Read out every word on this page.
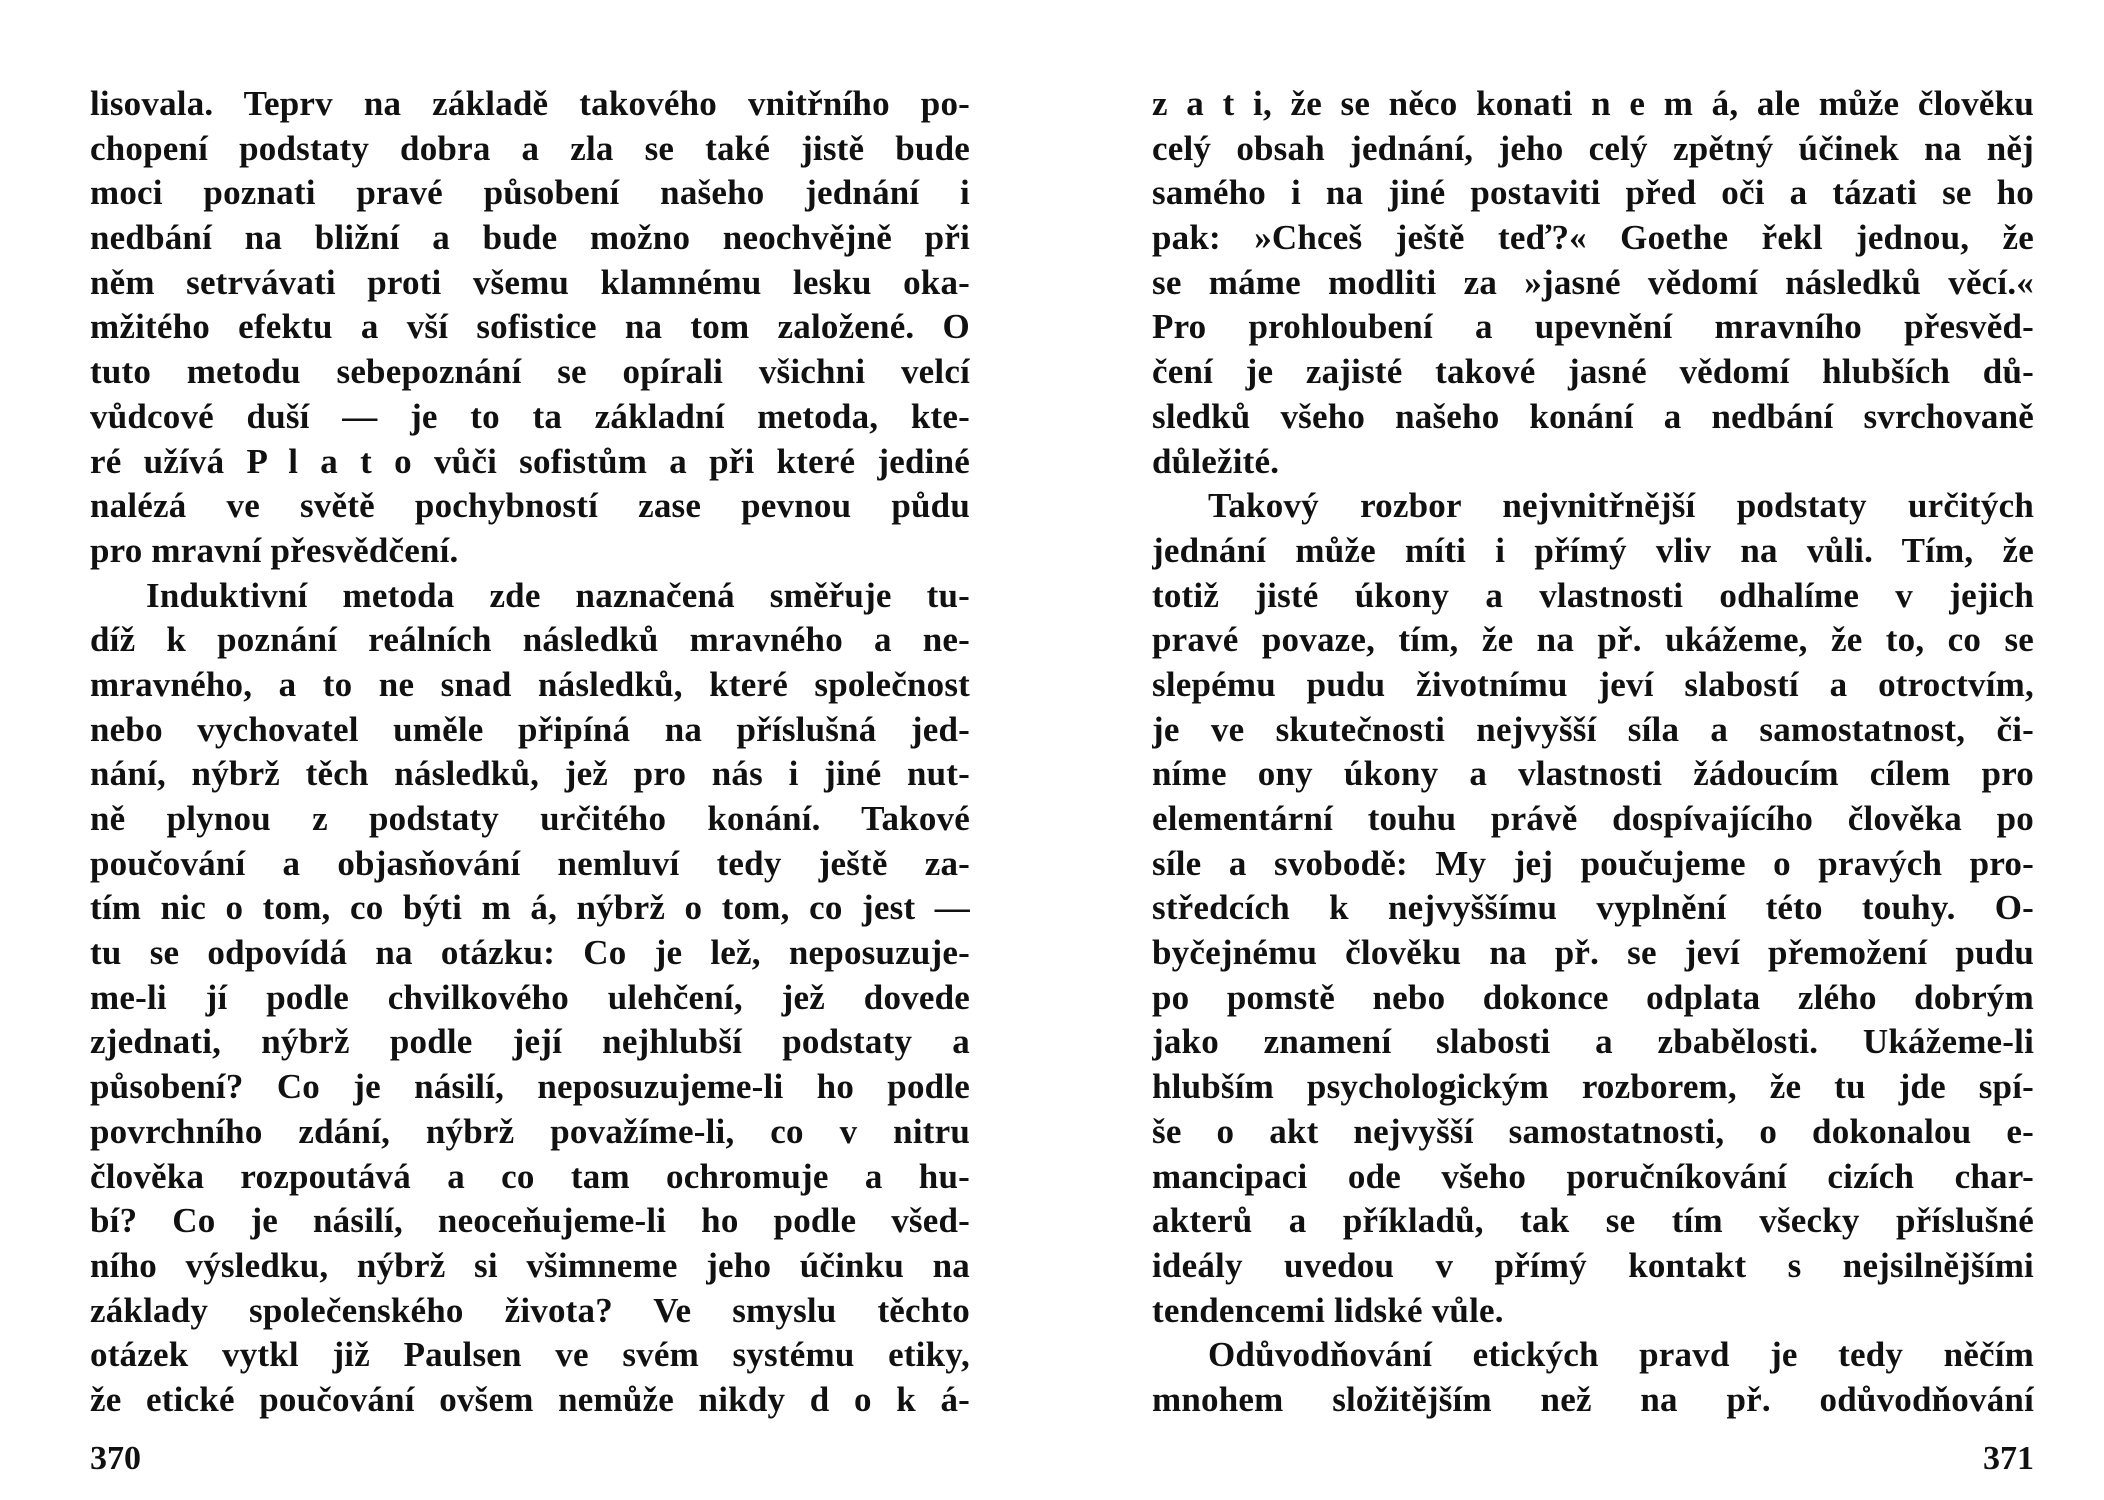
lisovala. Teprv na základě takového vnitřního po-
chopení podstaty dobra a zla se také jistě bude
moci poznati pravé působení našeho jednání i
nedbání na bližní a bude možno neochvějně při
něm setrvávati proti všemu klamnému lesku oka-
mžitého efektu a vší sofistice na tom založené. O
tuto metodu sebepoznání se opírali všichni velcí
vůdcové duší — je to ta základní metoda, kte-
ré užívá P l a t o vůči sofistům a při které jediné
nalézá ve světě pochybností zase pevnou půdu
pro mravní přesvědčení.
Induktivní metoda zde naznačená směřuje tu-
díž k poznání reálních následků mravného a ne-
mravného, a to ne snad následků, které společnost
nebo vychovatel uměle připíná na příslušná jed-
nání, nýbrž těch následků, jež pro nás i jiné nut-
ně plynou z podstaty určitého konání. Takové
poučování a objasňování nemluví tedy ještě za-
tím nic o tom, co býti m á, nýbrž o tom, co jest —
tu se odpovídá na otázku: Co je lež, neposuzuje-
me-li jí podle chvilkového ulehčení, jež dovede
zjednati, nýbrž podle její nejhlubší podstaty a
působení? Co je násilí, neposuzujeme-li ho podle
povrchního zdání, nýbrž považíme-li, co v nitru
člověka rozpoutává a co tam ochromuje a hu-
bí? Co je násilí, neoceňujeme-li ho podle všed-
ního výsledku, nýbrž si všimneme jeho účinku na
základy společenského života? Ve smyslu těchto
otázek vytkl již Paulsen ve svém systému etiky,
že etické poučování ovšem nemůže nikdy d o k á-
370
z a t i, že se něco konati n e m á, ale může člověku
celý obsah jednání, jeho celý zpětný účinek na něj
samého i na jiné postaviti před oči a tázati se ho
pak: »Chceš ještě teď?« Goethe řekl jednou, že
se máme modliti za »jasné vědomí následků věcí.«
Pro prohloubení a upevnění mravního přesvěd-
čení je zajisté takové jasné vědomí hlubších dů-
sledků všeho našeho konání a nedbání svrchovaně
důležité.
Takový rozbor nejvnitřnější podstaty určitých
jednání může míti i přímý vliv na vůli. Tím, že
totiž jisté úkony a vlastnosti odhalíme v jejich
pravé povaze, tím, že na př. ukážeme, že to, co se
slepému pudu životnímu jeví slabostí a otroctvím,
je ve skutečnosti nejvyšší síla a samostatnost, či-
níme ony úkony a vlastnosti žádoucím cílem pro
elementární touhu právě dospívajícího člověka po
síle a svobodě: My jej poučujeme o pravých pro-
středcích k nejvyššímu vyplnění této touhy. O-
byčejnému člověku na př. se jeví přemožení pudu
po pomstě nebo dokonce odplata zlého dobrým
jako znamení slabosti a zbabělosti. Ukážeme-li
hlubším psychologickým rozborem, že tu jde spí-
še o akt nejvyšší samostatnosti, o dokonalou e-
mancipaci ode všeho poručníkování cizích char-
akterů a příkladů, tak se tím všecky příslušné
ideály uvedou v přímý kontakt s nejsilnějšími
tendencemi lidské vůle.
Odůvodňování etických pravd je tedy něčím
mnohem složitějším než na př. odůvodňování
371
